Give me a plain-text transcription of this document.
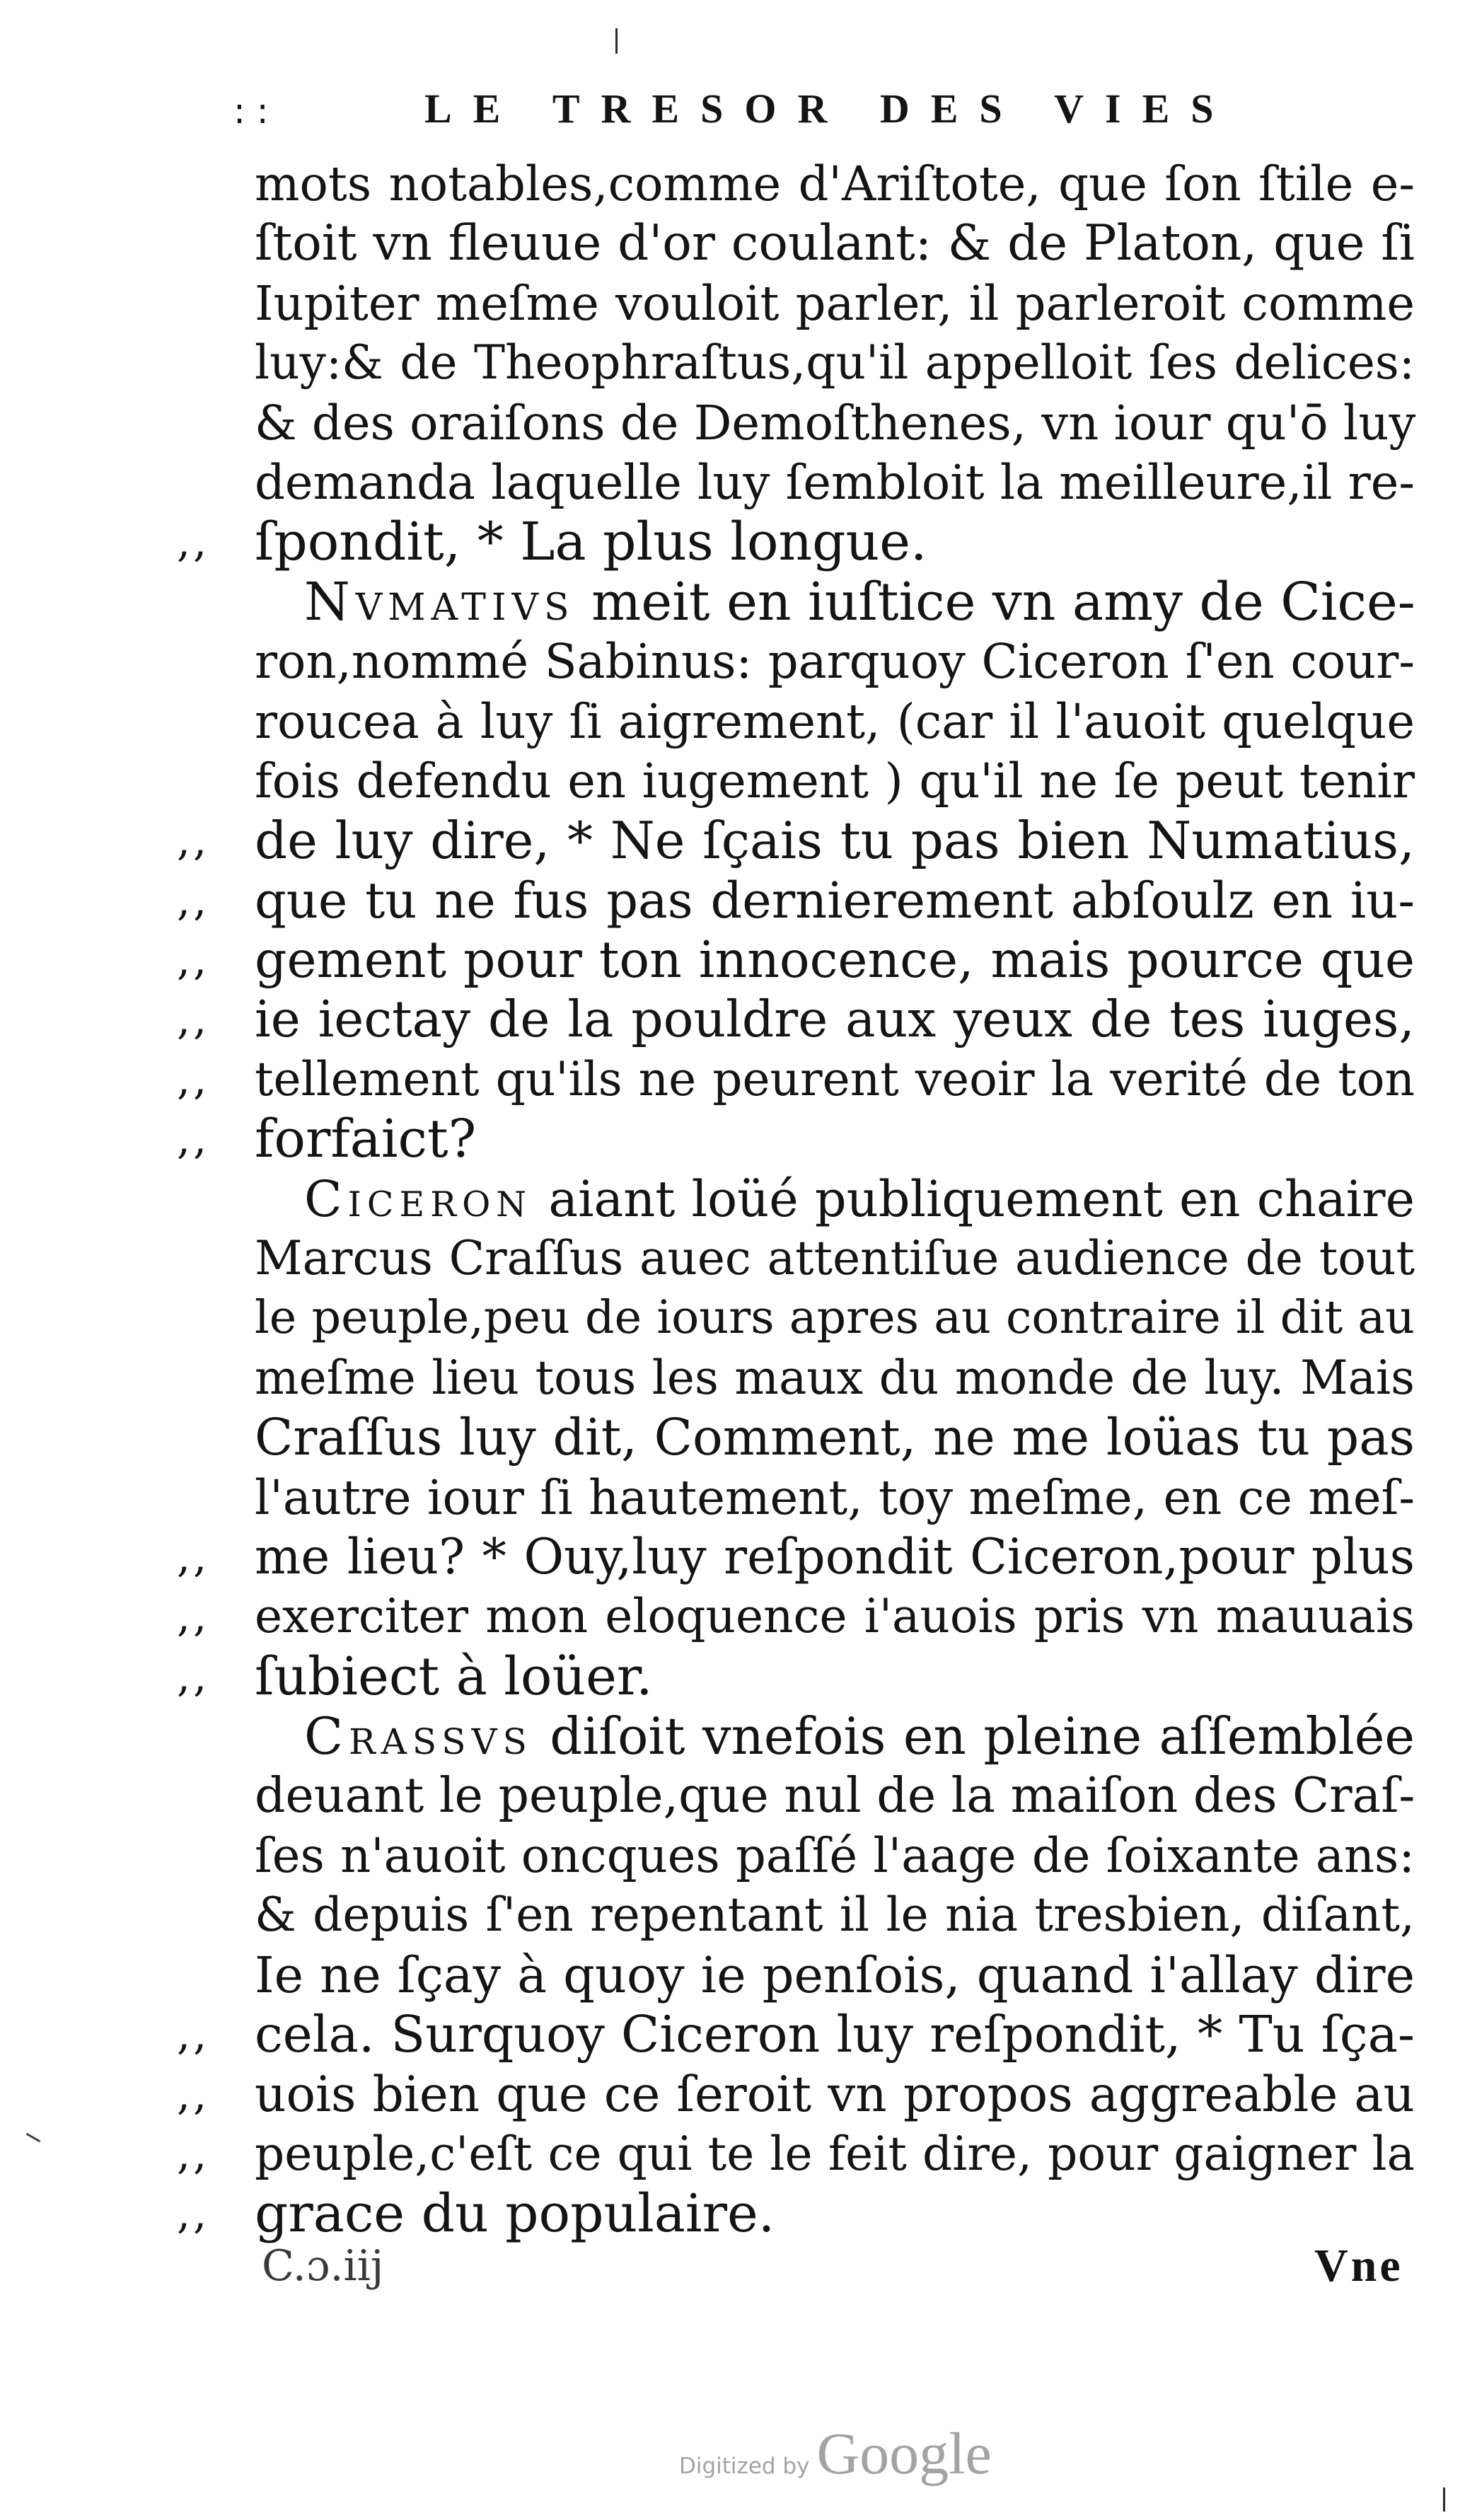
: :	LE TRESOR DES VIES
mots notables,comme d'Ariſtote, que ſon ſtile e-
ſtoit vn fleuue d'or coulant: & de Platon, que ſi
Iupiter meſme vouloit parler, il parleroit comme
luy:& de Theophraſtus,qu'il appelloit ſes delices:
& des oraiſons de Demoſthenes, vn iour qu'ō luy
demanda laquelle luy ſembloit la meilleure,il re-
,, ſpondit, * La plus longue.
Nvmativs meit en iuſtice vn amy de Cice-
ron,nommé Sabinus: parquoy Ciceron ſ'en cour-
roucea à luy ſi aigrement, (car il l'auoit quelque
fois defendu en iugement ) qu'il ne ſe peut tenir
,, de luy dire, * Ne ſçais tu pas bien Numatius,
,, que tu ne fus pas dernierement abſoulz en iu-
,, gement pour ton innocence, mais pource que
,, ie iectay de la pouldre aux yeux de tes iuges,
,, tellement qu'ils ne peurent veoir la verité de ton
,, forfaict?
Ciceron aiant loüé publiquement en chaire
Marcus Craſſus auec attentiſue audience de tout
le peuple,peu de iours apres au contraire il dit au
meſme lieu tous les maux du monde de luy. Mais
Craſſus luy dit, Comment, ne me loüas tu pas
l'autre iour ſi hautement, toy meſme, en ce meſ-
,, me lieu? * Ouy,luy reſpondit Ciceron,pour plus
,, exerciter mon eloquence i'auois pris vn mauuais
,, ſubiect à loüer.
Crassvs diſoit vnefois en pleine aſſemblée
deuant le peuple,que nul de la maiſon des Craſ-
ſes n'auoit oncques paſſé l'aage de ſoixante ans:
& depuis ſ'en repentant il le nia tresbien, diſant,
Ie ne ſçay à quoy ie penſois, quand i'allay dire
,, cela. Surquoy Ciceron luy reſpondit, * Tu ſça-
,, uois bien que ce ſeroit vn propos aggreable au
,, peuple,c'eſt ce qui te le feit dire, pour gaigner la
,, grace du populaire.
C.ɔ.iij	Vne
Digitized by Google
